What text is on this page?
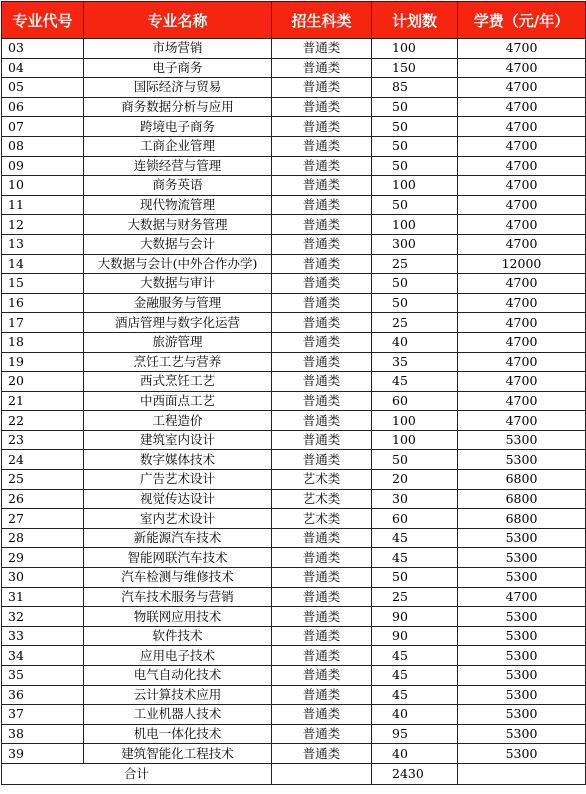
专业代号	专业名称	招生科类	计划数	学费（元/年）
03	市场营销	普通类	100	4700
04	电子商务	普通类	150	4700
05	国际经济与贸易	普通类	85	4700
06	商务数据分析与应用	普通类	50	4700
07	跨境电子商务	普通类	50	4700
08	工商企业管理	普通类	50	4700
09	连锁经营与管理	普通类	50	4700
10	商务英语	普通类	100	4700
11	现代物流管理	普通类	50	4700
12	大数据与财务管理	普通类	100	4700
13	大数据与会计	普通类	300	4700
14	大数据与会计(中外合作办学)	普通类	25	12000
15	大数据与审计	普通类	50	4700
16	金融服务与管理	普通类	50	4700
17	酒店管理与数字化运营	普通类	25	4700
18	旅游管理	普通类	40	4700
19	烹饪工艺与营养	普通类	35	4700
20	西式烹饪工艺	普通类	45	4700
21	中西面点工艺	普通类	60	4700
22	工程造价	普通类	100	4700
23	建筑室内设计	普通类	100	5300
24	数字媒体技术	普通类	50	5300
25	广告艺术设计	艺术类	20	6800
26	视觉传达设计	艺术类	30	6800
27	室内艺术设计	艺术类	60	6800
28	新能源汽车技术	普通类	45	5300
29	智能网联汽车技术	普通类	45	5300
30	汽车检测与维修技术	普通类	50	5300
31	汽车技术服务与营销	普通类	25	4700
32	物联网应用技术	普通类	90	5300
33	软件技术	普通类	90	5300
34	应用电子技术	普通类	45	5300
35	电气自动化技术	普通类	45	5300
36	云计算技术应用	普通类	45	5300
37	工业机器人技术	普通类	40	5300
38	机电一体化技术	普通类	95	5300
39	建筑智能化工程技术	普通类	40	5300
合计			2430	
